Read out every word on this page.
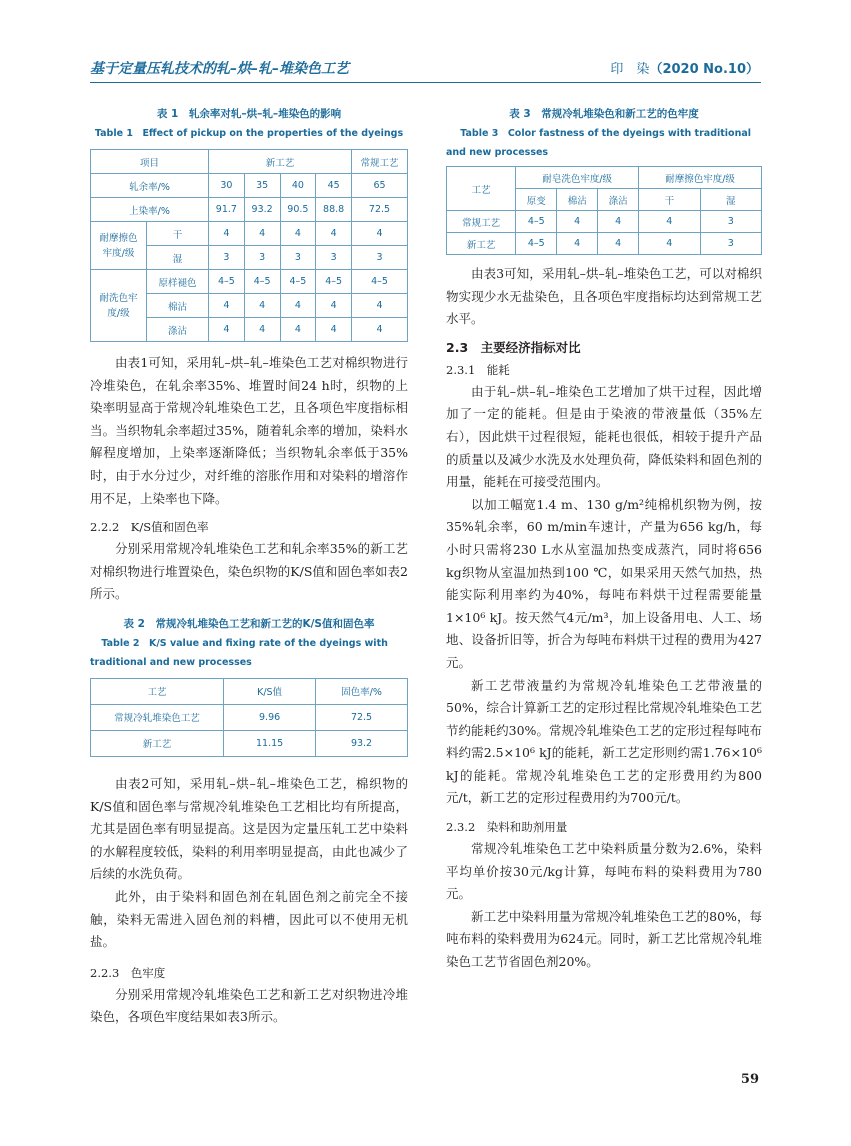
基于定量压轧技术的轧–烘–轧–堆染色工艺	印　染（2020 No.10）
表 1　轧余率对轧–烘–轧–堆染色的影响
Table 1　Effect of pickup on the properties of the dyeings
项目		新工艺				常规工艺
轧余率/%		30	35	40	45	65
上染率/%		91.7	93.2	90.5	88.8	72.5
耐摩擦色牢度/级	干	4	4	4	4	4
	湿	3	3	3	3	3
耐洗色牢度/级	原样褪色	4–5	4–5	4–5	4–5	4–5
	棉沾	4	4	4	4	4
	涤沾	4	4	4	4	4

由表1可知，采用轧–烘–轧–堆染色工艺对棉织物进行冷堆染色，在轧余率35%、堆置时间24 h时，织物的上染率明显高于常规冷轧堆染色工艺，且各项色牢度指标相当。当织物轧余率超过35%，随着轧余率的增加，染料水解程度增加，上染率逐渐降低；当织物轧余率低于35%时，由于水分过少，对纤维的溶胀作用和对染料的增溶作用不足，上染率也下降。

2.2.2　K/S值和固色率

分别采用常规冷轧堆染色工艺和轧余率35%的新工艺对棉织物进行堆置染色，染色织物的K/S值和固色率如表2所示。

表 2　常规冷轧堆染色工艺和新工艺的K/S值和固色率
Table 2　K/S value and fixing rate of the dyeings with traditional and new processes
工艺	K/S值	固色率/%
常规冷轧堆染色工艺	9.96	72.5
新工艺	11.15	93.2

由表2可知，采用轧–烘–轧–堆染色工艺，棉织物的K/S值和固色率与常规冷轧堆染色工艺相比均有所提高，尤其是固色率有明显提高。这是因为定量压轧工艺中染料的水解程度较低，染料的利用率明显提高，由此也减少了后续的水洗负荷。

此外，由于染料和固色剂在轧固色剂之前完全不接触，染料无需进入固色剂的料槽，因此可以不使用无机盐。

2.2.3　色牢度

分别采用常规冷轧堆染色工艺和新工艺对织物进冷堆染色，各项色牢度结果如表3所示。

表 3　常规冷轧堆染色和新工艺的色牢度
Table 3　Color fastness of the dyeings with traditional and new processes
工艺	耐皂洗色牢度/级			耐摩擦色牢度/级	
	原变	棉沾	涤沾	干	湿
常规工艺	4–5	4	4	4	3
新工艺	4–5	4	4	4	3

由表3可知，采用轧–烘–轧–堆染色工艺，可以对棉织物实现少水无盐染色，且各项色牢度指标均达到常规工艺水平。

2.3　主要经济指标对比
2.3.1　能耗

由于轧–烘–轧–堆染色工艺增加了烘干过程，因此增加了一定的能耗。但是由于染液的带液量低（35%左右），因此烘干过程很短，能耗也很低，相较于提升产品的质量以及减少水洗及水处理负荷，降低染料和固色剂的用量，能耗在可接受范围内。

以加工幅宽1.4 m、130 g/m²纯棉机织物为例，按35%轧余率，60 m/min车速计，产量为656 kg/h，每小时只需将230 L水从室温加热变成蒸汽，同时将656 kg织物从室温加热到100 ℃，如果采用天然气加热，热能实际利用率约为40%，每吨布料烘干过程需要能量1×10⁶ kJ。按天然气4元/m³，加上设备用电、人工、场地、设备折旧等，折合为每吨布料烘干过程的费用为427元。

新工艺带液量约为常规冷轧堆染色工艺带液量的50%，综合计算新工艺的定形过程比常规冷轧堆染色工艺节约能耗约30%。常规冷轧堆染色工艺的定形过程每吨布料约需2.5×10⁶ kJ的能耗，新工艺定形则约需1.76×10⁶ kJ的能耗。常规冷轧堆染色工艺的定形费用约为800元/t，新工艺的定形过程费用约为700元/t。

2.3.2　染料和助剂用量

常规冷轧堆染色工艺中染料质量分数为2.6%，染料平均单价按30元/kg计算，每吨布料的染料费用为780元。

新工艺中染料用量为常规冷轧堆染色工艺的80%，每吨布料的染料费用为624元。同时，新工艺比常规冷轧堆染色工艺节省固色剂20%。

59
